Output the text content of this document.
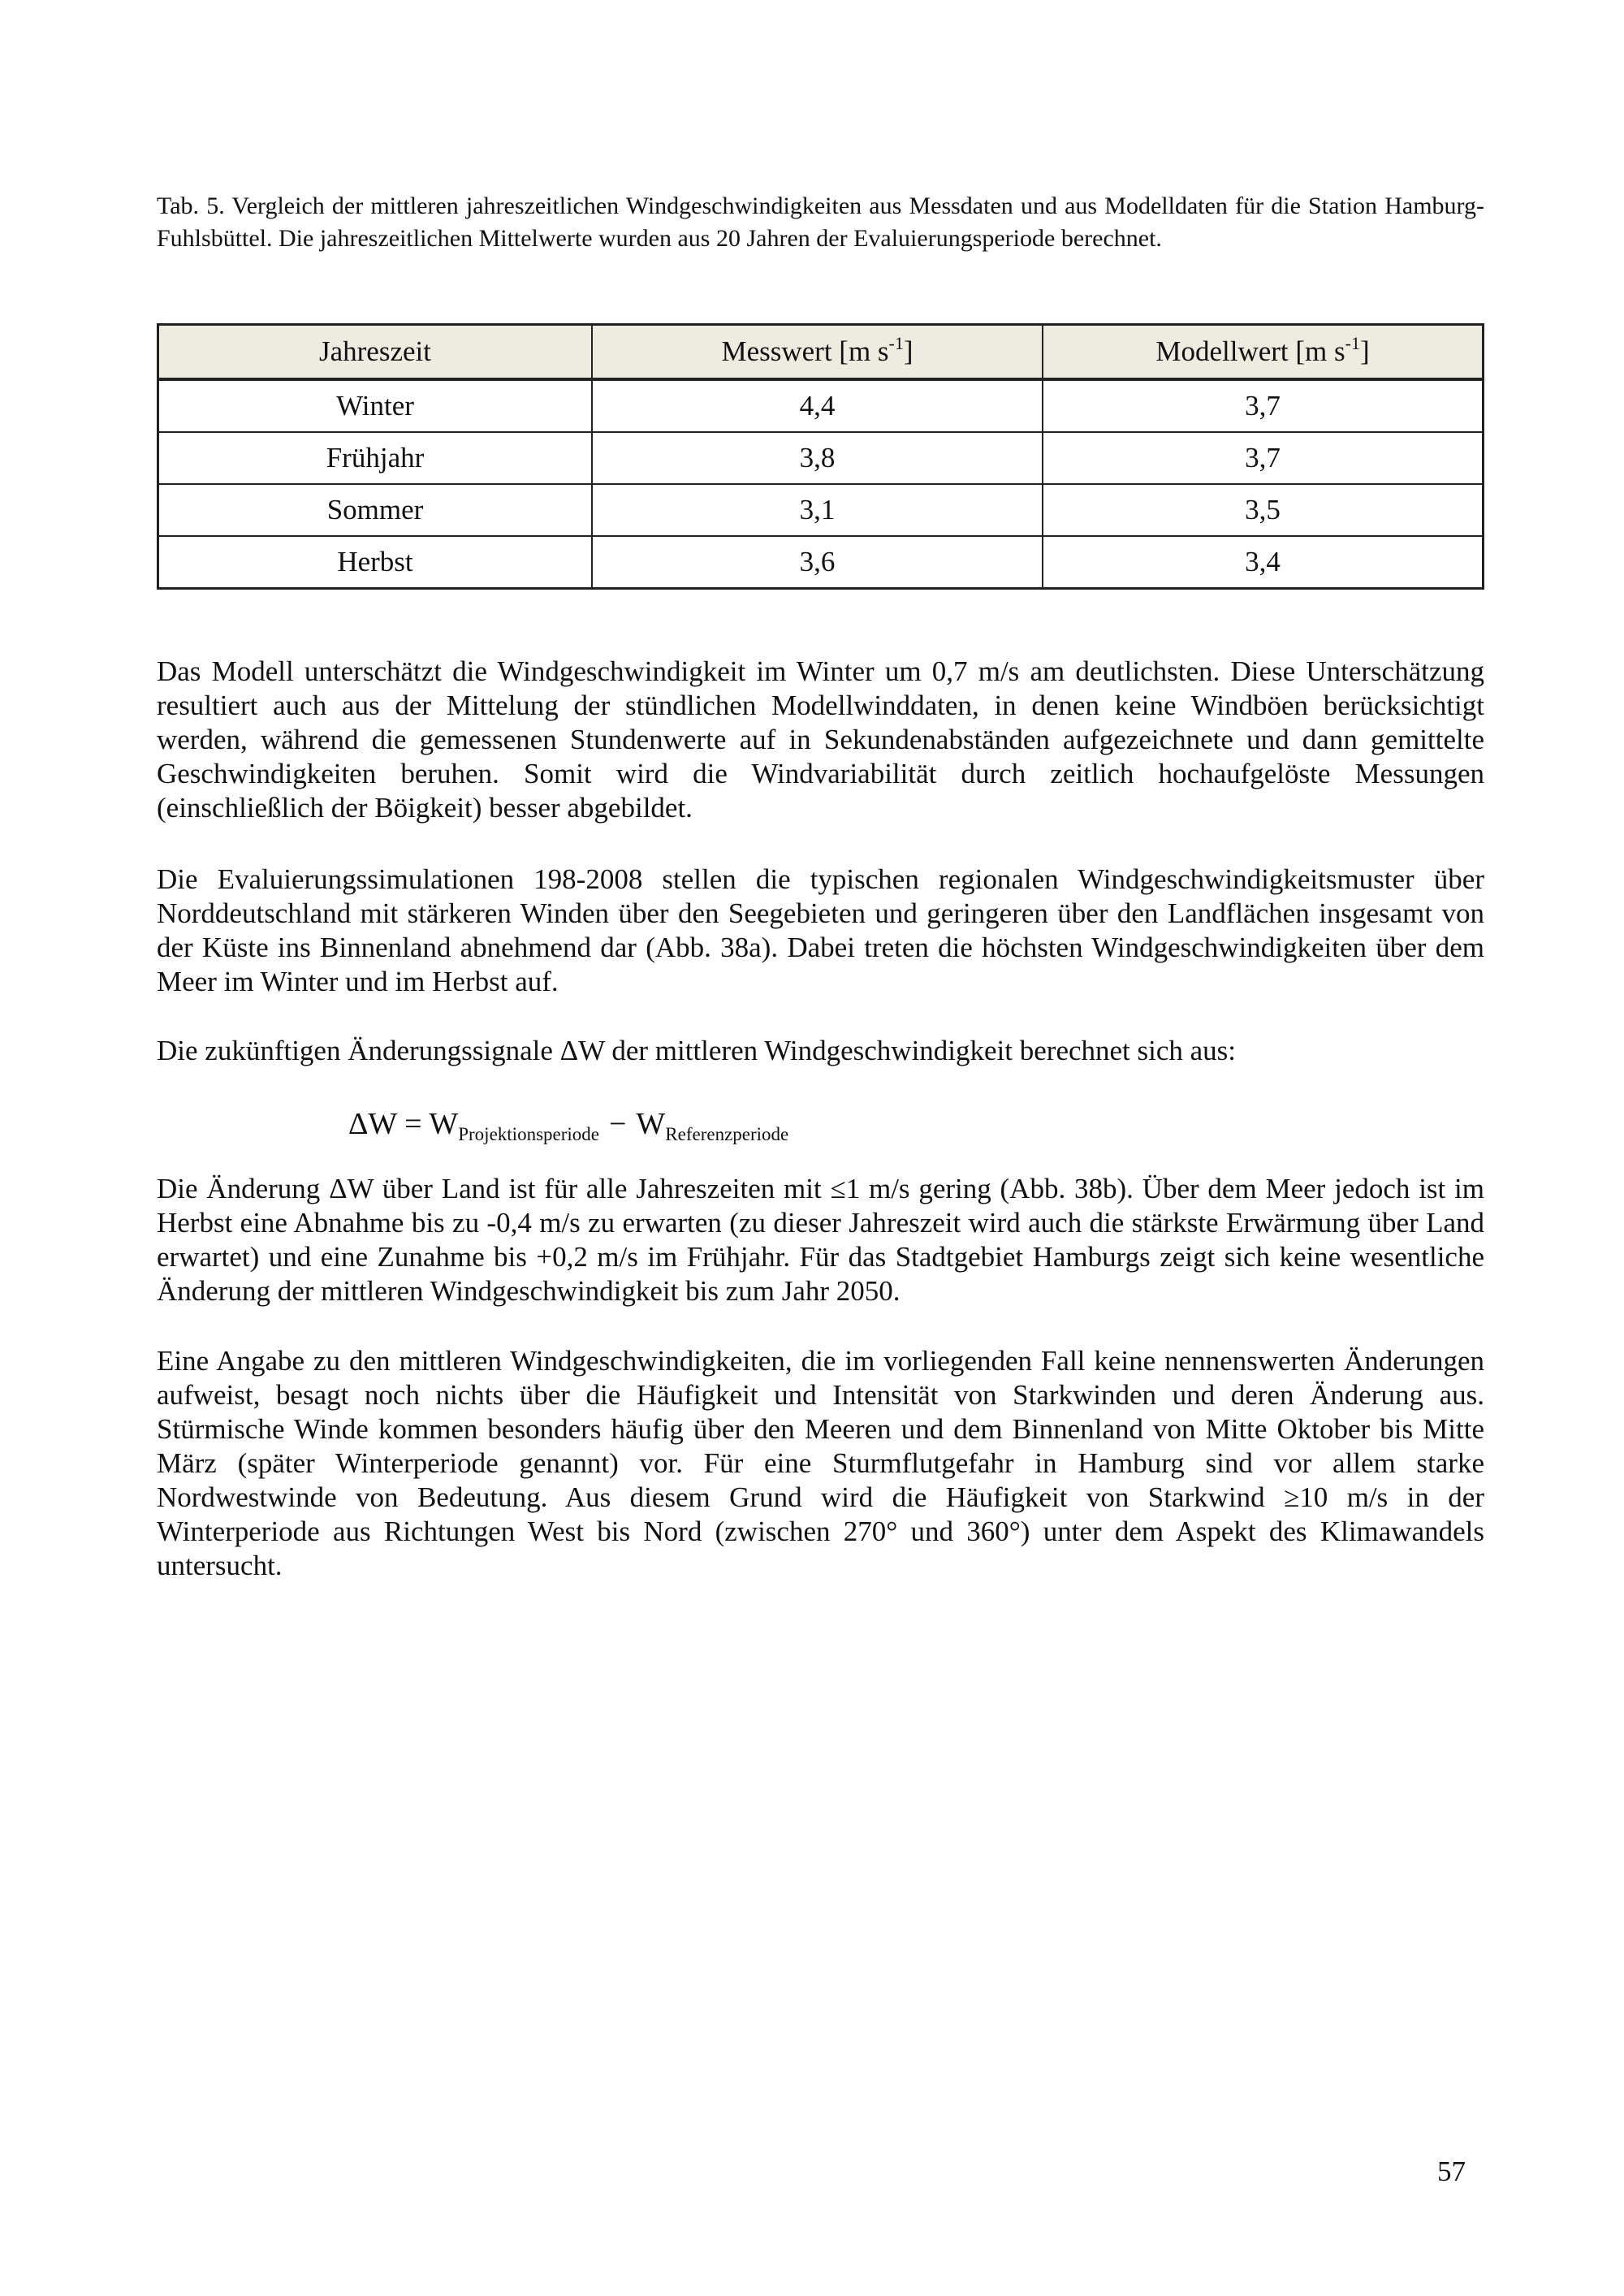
Tab. 5. Vergleich der mittleren jahreszeitlichen Windgeschwindigkeiten aus Messdaten und aus Modelldaten für die Station Hamburg-Fuhlsbüttel. Die jahreszeitlichen Mittelwerte wurden aus 20 Jahren der Evaluierungsperiode berechnet.

Jahreszeit	Messwert [m $s^{-1}$]	Modellwert [m $s^{-1}$]
Winter	4,4	3,7
Frühjahr	3,8	3,7
Sommer	3,1	3,5
Herbst	3,6	3,4

Das Modell unterschätzt die Windgeschwindigkeit im Winter um 0,7 m/s am deutlichsten. Diese Unterschätzung resultiert auch aus der Mittelung der stündlichen Modellwinddaten, in denen keine Windböen berücksichtigt werden, während die gemessenen Stundenwerte auf in Sekundenabständen aufgezeichnete und dann gemittelte Geschwindigkeiten beruhen. Somit wird die Windvariabilität durch zeitlich hochaufgelöste Messungen (einschließlich der Böigkeit) besser abgebildet.

Die Evaluierungssimulationen 198-2008 stellen die typischen regionalen Windgeschwindigkeitsmuster über Norddeutschland mit stärkeren Winden über den Seegebieten und geringeren über den Landflächen insgesamt von der Küste ins Binnenland abnehmend dar (Abb. 38a). Dabei treten die höchsten Windgeschwindigkeiten über dem Meer im Winter und im Herbst auf.

Die zukünftigen Änderungssignale ΔW der mittleren Windgeschwindigkeit berechnet sich aus:

$\Delta W = W_{Projektionsperiode} - W_{Referenzperiode}$

Die Änderung ΔW über Land ist für alle Jahreszeiten mit ≤1 m/s gering (Abb. 38b). Über dem Meer jedoch ist im Herbst eine Abnahme bis zu -0,4 m/s zu erwarten (zu dieser Jahreszeit wird auch die stärkste Erwärmung über Land erwartet) und eine Zunahme bis +0,2 m/s im Frühjahr. Für das Stadtgebiet Hamburgs zeigt sich keine wesentliche Änderung der mittleren Windgeschwindigkeit bis zum Jahr 2050.

Eine Angabe zu den mittleren Windgeschwindigkeiten, die im vorliegenden Fall keine nennenswerten Änderungen aufweist, besagt noch nichts über die Häufigkeit und Intensität von Starkwinden und deren Änderung aus. Stürmische Winde kommen besonders häufig über den Meeren und dem Binnenland von Mitte Oktober bis Mitte März (später Winterperiode genannt) vor. Für eine Sturmflutgefahr in Hamburg sind vor allem starke Nordwestwinde von Bedeutung. Aus diesem Grund wird die Häufigkeit von Starkwind ≥10 m/s in der Winterperiode aus Richtungen West bis Nord (zwischen 270° und 360°) unter dem Aspekt des Klimawandels untersucht.

57
